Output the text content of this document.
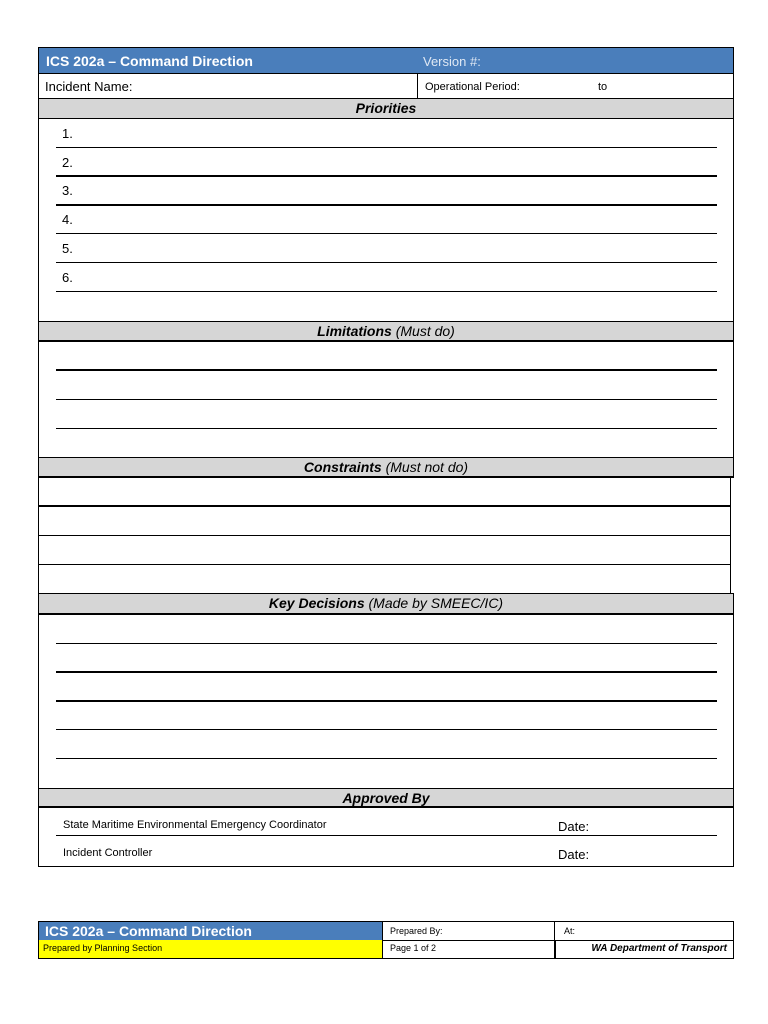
ICS 202a – Command Direction	Version #:
Incident Name:	Operational Period:	to
Priorities
1.
2.
3.
4.
5.
6.
Limitations (Must do)
Constraints (Must not do)
Key Decisions (Made by SMEEC/IC)
Approved By
State Maritime Environmental Emergency Coordinator	Date:
Incident Controller	Date:
ICS 202a – Command Direction	Prepared By:	At:
Prepared by Planning Section	Page 1 of 2	WA Department of Transport
